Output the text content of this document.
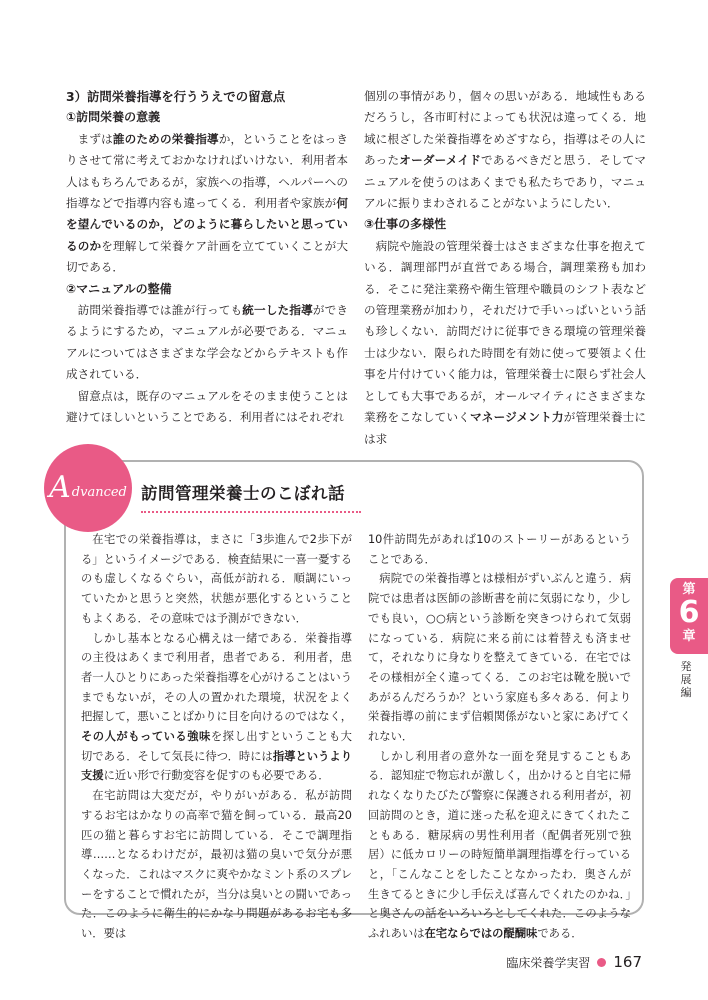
3）訪問栄養指導を行ううえでの留意点
①訪問栄養の意義

まずは誰のための栄養指導か，ということをはっきりさせて常に考えておかなければいけない．利用者本人はもちろんであるが，家族への指導，ヘルパーへの指導などで指導内容も違ってくる．利用者や家族が何を望んでいるのか，どのように暮らしたいと思っているのかを理解して栄養ケア計画を立てていくことが大切である．

②マニュアルの整備

訪問栄養指導では誰が行っても統一した指導ができるようにするため，マニュアルが必要である．マニュアルについてはさまざまな学会などからテキストも作成されている．

留意点は，既存のマニュアルをそのまま使うことは避けてほしいということである．利用者にはそれぞれ

個別の事情があり，個々の思いがある．地域性もあるだろうし，各市町村によっても状況は違ってくる．地域に根ざした栄養指導をめざすなら，指導はその人にあったオーダーメイドであるべきだと思う．そしてマニュアルを使うのはあくまでも私たちであり，マニュアルに振りまわされることがないようにしたい．

③仕事の多様性

病院や施設の管理栄養士はさまざまな仕事を抱えている．調理部門が直営である場合，調理業務も加わる．そこに発注業務や衛生管理や職員のシフト表などの管理業務が加わり，それだけで手いっぱいという話も珍しくない．訪問だけに従事できる環境の管理栄養士は少ない．限られた時間を有効に使って要領よく仕事を片付けていく能力は，管理栄養士に限らず社会人としても大事であるが，オールマイティにさまざまな業務をこなしていくマネージメント力が管理栄養士には求

A dvanced 訪問管理栄養士のこぼれ話

在宅での栄養指導は，まさに「3歩進んで2歩下がる」というイメージである．検査結果に一喜一憂するのも虚しくなるぐらい，高低が訪れる．順調にいっていたかと思うと突然，状態が悪化するということもよくある．その意味では予測ができない．

しかし基本となる心構えは一緒である．栄養指導の主役はあくまで利用者，患者である．利用者，患者一人ひとりにあった栄養指導を心がけることはいうまでもないが，その人の置かれた環境，状況をよく把握して，悪いことばかりに目を向けるのではなく，その人がもっている強味を探し出すということも大切である．そして気長に待つ．時には指導というより支援に近い形で行動変容を促すのも必要である．

在宅訪問は大変だが，やりがいがある．私が訪問するお宅はかなりの高率で猫を飼っている．最高20匹の猫と暮らすお宅に訪問している．そこで調理指導……となるわけだが，最初は猫の臭いで気分が悪くなった．これはマスクに爽やかなミント系のスプレーをすることで慣れたが，当分は臭いとの闘いであった．このように衛生的にかなり問題があるお宅も多い．要は

10件訪問先があれば10のストーリーがあるということである．

病院での栄養指導とは様相がずいぶんと違う．病院では患者は医師の診断書を前に気弱になり，少しでも良い，○○病という診断を突きつけられて気弱になっている．病院に来る前には着替えも済ませて，それなりに身なりを整えてきている．在宅ではその様相が全く違ってくる．このお宅は靴を脱いであがるんだろうか？という家庭も多々ある．何より栄養指導の前にまず信頼関係がないと家にあげてくれない．

しかし利用者の意外な一面を発見することもある．認知症で物忘れが激しく，出かけると自宅に帰れなくなりたびたび警察に保護される利用者が，初回訪問のとき，道に迷った私を迎えにきてくれたこともある．糖尿病の男性利用者（配偶者死別で独居）に低カロリーの時短簡単調理指導を行っていると，「こんなことをしたことなかったわ．奥さんが生きてるときに少し手伝えば喜んでくれたのかね．」と奥さんの話をいろいろとしてくれた．このようなふれあいは在宅ならではの醍醐味である．

第
6
章
発展編
臨床栄養学実習 167
